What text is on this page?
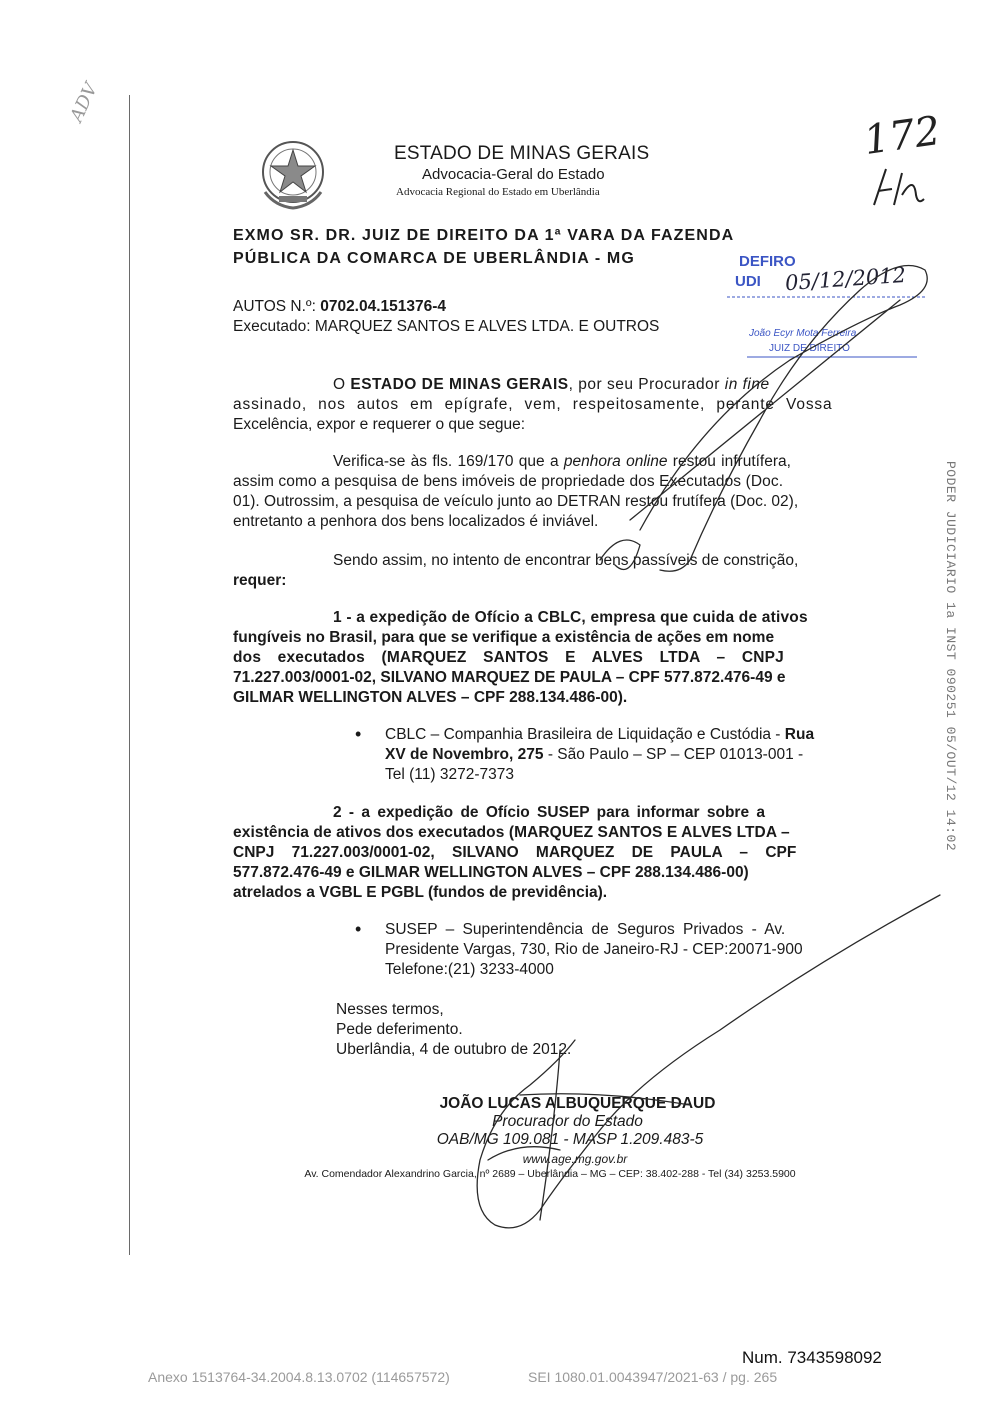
ADV
ESTADO DE MINAS GERAIS
Advocacia-Geral do Estado
Advocacia Regional do Estado em Uberlândia
172
EXMO SR. DR. JUIZ DE DIREITO DA 1ª VARA DA FAZENDA
PÚBLICA DA COMARCA DE UBERLÂNDIA - MG	DEFIRO
UDI 05/12/2012
João Ecyr Mota Ferreira
JUIZ DE DIREITO
AUTOS N.º: 0702.04.151376-4
Executado: MARQUEZ SANTOS E ALVES LTDA. E OUTROS
O ESTADO DE MINAS GERAIS, por seu Procurador in fine
assinado, nos autos em epígrafe, vem, respeitosamente, perante Vossa
Excelência, expor e requerer o que segue:
Verifica-se às fls. 169/170 que a penhora online restou infrutífera,
assim como a pesquisa de bens imóveis de propriedade dos Executados (Doc.
01). Outrossim, a pesquisa de veículo junto ao DETRAN restou frutífera (Doc. 02),
entretanto a penhora dos bens localizados é inviável.
Sendo assim, no intento de encontrar bens passíveis de constrição,
requer:
1 - a expedição de Ofício a CBLC, empresa que cuida de ativos
fungíveis no Brasil, para que se verifique a existência de ações em nome
dos executados (MARQUEZ SANTOS E ALVES LTDA – CNPJ
71.227.003/0001-02, SILVANO MARQUEZ DE PAULA – CPF 577.872.476-49 e
GILMAR WELLINGTON ALVES – CPF 288.134.486-00).
• CBLC – Companhia Brasileira de Liquidação e Custódia - Rua
XV de Novembro, 275 - São Paulo – SP – CEP 01013-001 -
Tel (11) 3272-7373
2 - a expedição de Ofício SUSEP para informar sobre a
existência de ativos dos executados (MARQUEZ SANTOS E ALVES LTDA –
CNPJ 71.227.003/0001-02, SILVANO MARQUEZ DE PAULA – CPF
577.872.476-49 e GILMAR WELLINGTON ALVES – CPF 288.134.486-00)
atrelados a VGBL E PGBL (fundos de previdência).
• SUSEP – Superintendência de Seguros Privados - Av.
Presidente Vargas, 730, Rio de Janeiro-RJ - CEP:20071-900
Telefone:(21) 3233-4000
Nesses termos,
Pede deferimento.
Uberlândia, 4 de outubro de 2012.
JOÃO LUCAS ALBUQUERQUE DAUD
Procurador do Estado
OAB/MG 109.081 - MASP 1.209.483-5
www.age.mg.gov.br
Av. Comendador Alexandrino Garcia, nº 2689 – Uberlândia – MG – CEP: 38.402-288 - Tel (34) 3253.5900
PODER JUDICIARIO 1a INST 090251 05/OUT/12 14:02
Num. 7343598092
Anexo 1513764-34.2004.8.13.0702 (114657572)	SEI 1080.01.0043947/2021-63 / pg. 265
